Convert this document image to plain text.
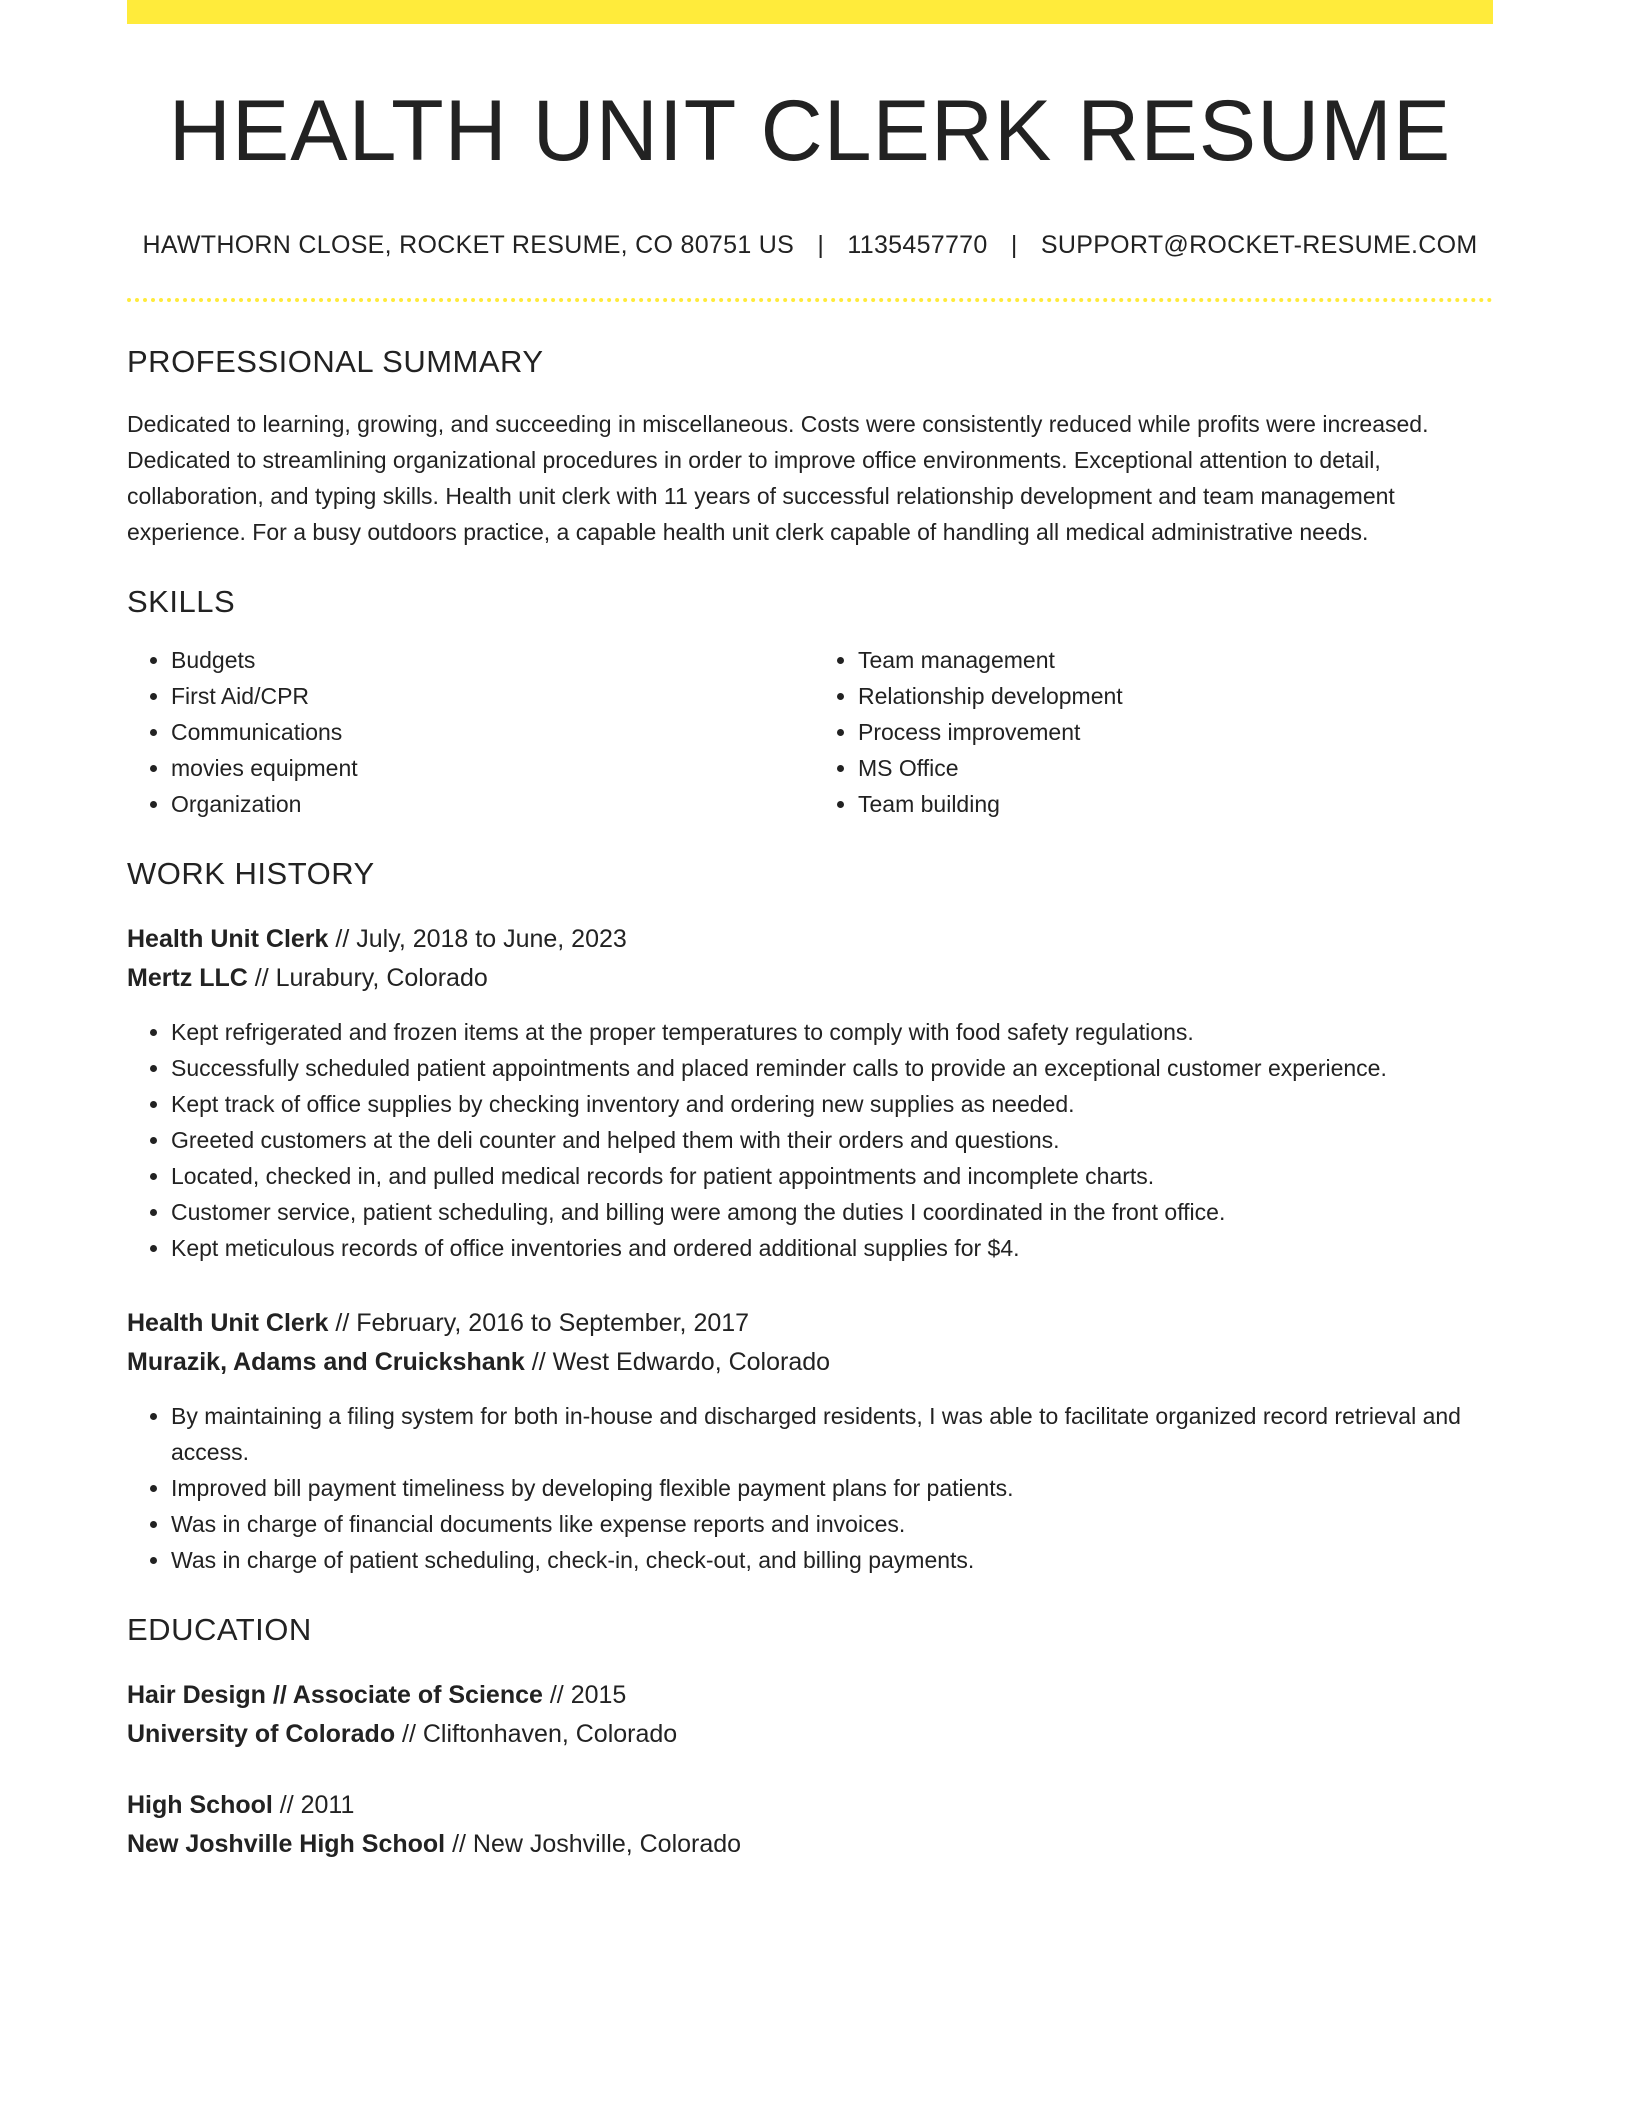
HEALTH UNIT CLERK RESUME
HAWTHORN CLOSE, ROCKET RESUME, CO 80751 US | 1135457770 | SUPPORT@ROCKET-RESUME.COM
PROFESSIONAL SUMMARY
Dedicated to learning, growing, and succeeding in miscellaneous. Costs were consistently reduced while profits were increased. Dedicated to streamlining organizational procedures in order to improve office environments. Exceptional attention to detail, collaboration, and typing skills. Health unit clerk with 11 years of successful relationship development and team management experience. For a busy outdoors practice, a capable health unit clerk capable of handling all medical administrative needs.
SKILLS
• Budgets
• First Aid/CPR
• Communications
• movies equipment
• Organization
• Team management
• Relationship development
• Process improvement
• MS Office
• Team building
WORK HISTORY
Health Unit Clerk // July, 2018 to June, 2023
Mertz LLC // Lurabury, Colorado
• Kept refrigerated and frozen items at the proper temperatures to comply with food safety regulations.
• Successfully scheduled patient appointments and placed reminder calls to provide an exceptional customer experience.
• Kept track of office supplies by checking inventory and ordering new supplies as needed.
• Greeted customers at the deli counter and helped them with their orders and questions.
• Located, checked in, and pulled medical records for patient appointments and incomplete charts.
• Customer service, patient scheduling, and billing were among the duties I coordinated in the front office.
• Kept meticulous records of office inventories and ordered additional supplies for $4.
Health Unit Clerk // February, 2016 to September, 2017
Murazik, Adams and Cruickshank // West Edwardo, Colorado
• By maintaining a filing system for both in-house and discharged residents, I was able to facilitate organized record retrieval and access.
• Improved bill payment timeliness by developing flexible payment plans for patients.
• Was in charge of financial documents like expense reports and invoices.
• Was in charge of patient scheduling, check-in, check-out, and billing payments.
EDUCATION
Hair Design // Associate of Science // 2015
University of Colorado // Cliftonhaven, Colorado
High School // 2011
New Joshville High School // New Joshville, Colorado
